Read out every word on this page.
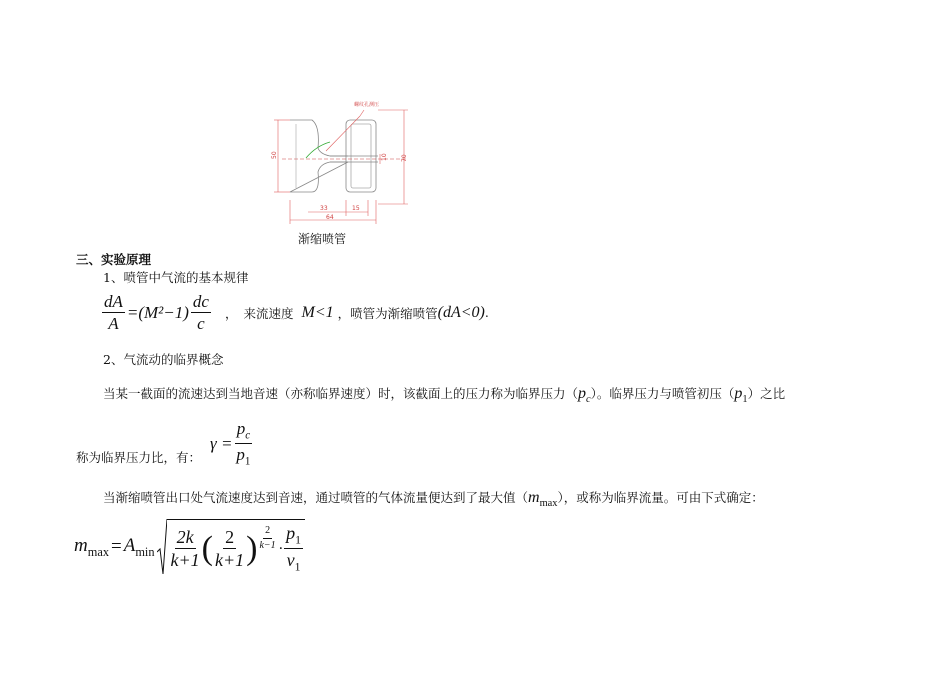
50	70
10
33	15
64
螺纹孔测压
渐缩喷管
三、实验原理
1、喷管中气流的基本规律
$\frac{dA}{A} =(M^2-1) \frac{dc}{c}$ ， 来流速度 M<1 ，喷管为渐缩喷管 (dA<0) .
2、气流动的临界概念
当某一截面的流速达到当地音速（亦称临界速度）时，该截面上的压力称为临界压力$(p_c)$。临界压力与喷管初压$(p_1)$之比
称为临界压力比，有：
$\gamma = \frac{p_c}{p_1}$
当渐缩喷管出口处气流速度达到音速，通过喷管的气体流量便达到了最大值$(m_{max})$，或称为临界流量。可由下式确定：
$m_{max} = A_{min} \frac{2k}{k+1}$ ( $\frac{2}{k+1}$ ) $\frac{2}{k-1} \cdot \frac{p_1}{v_1}$
